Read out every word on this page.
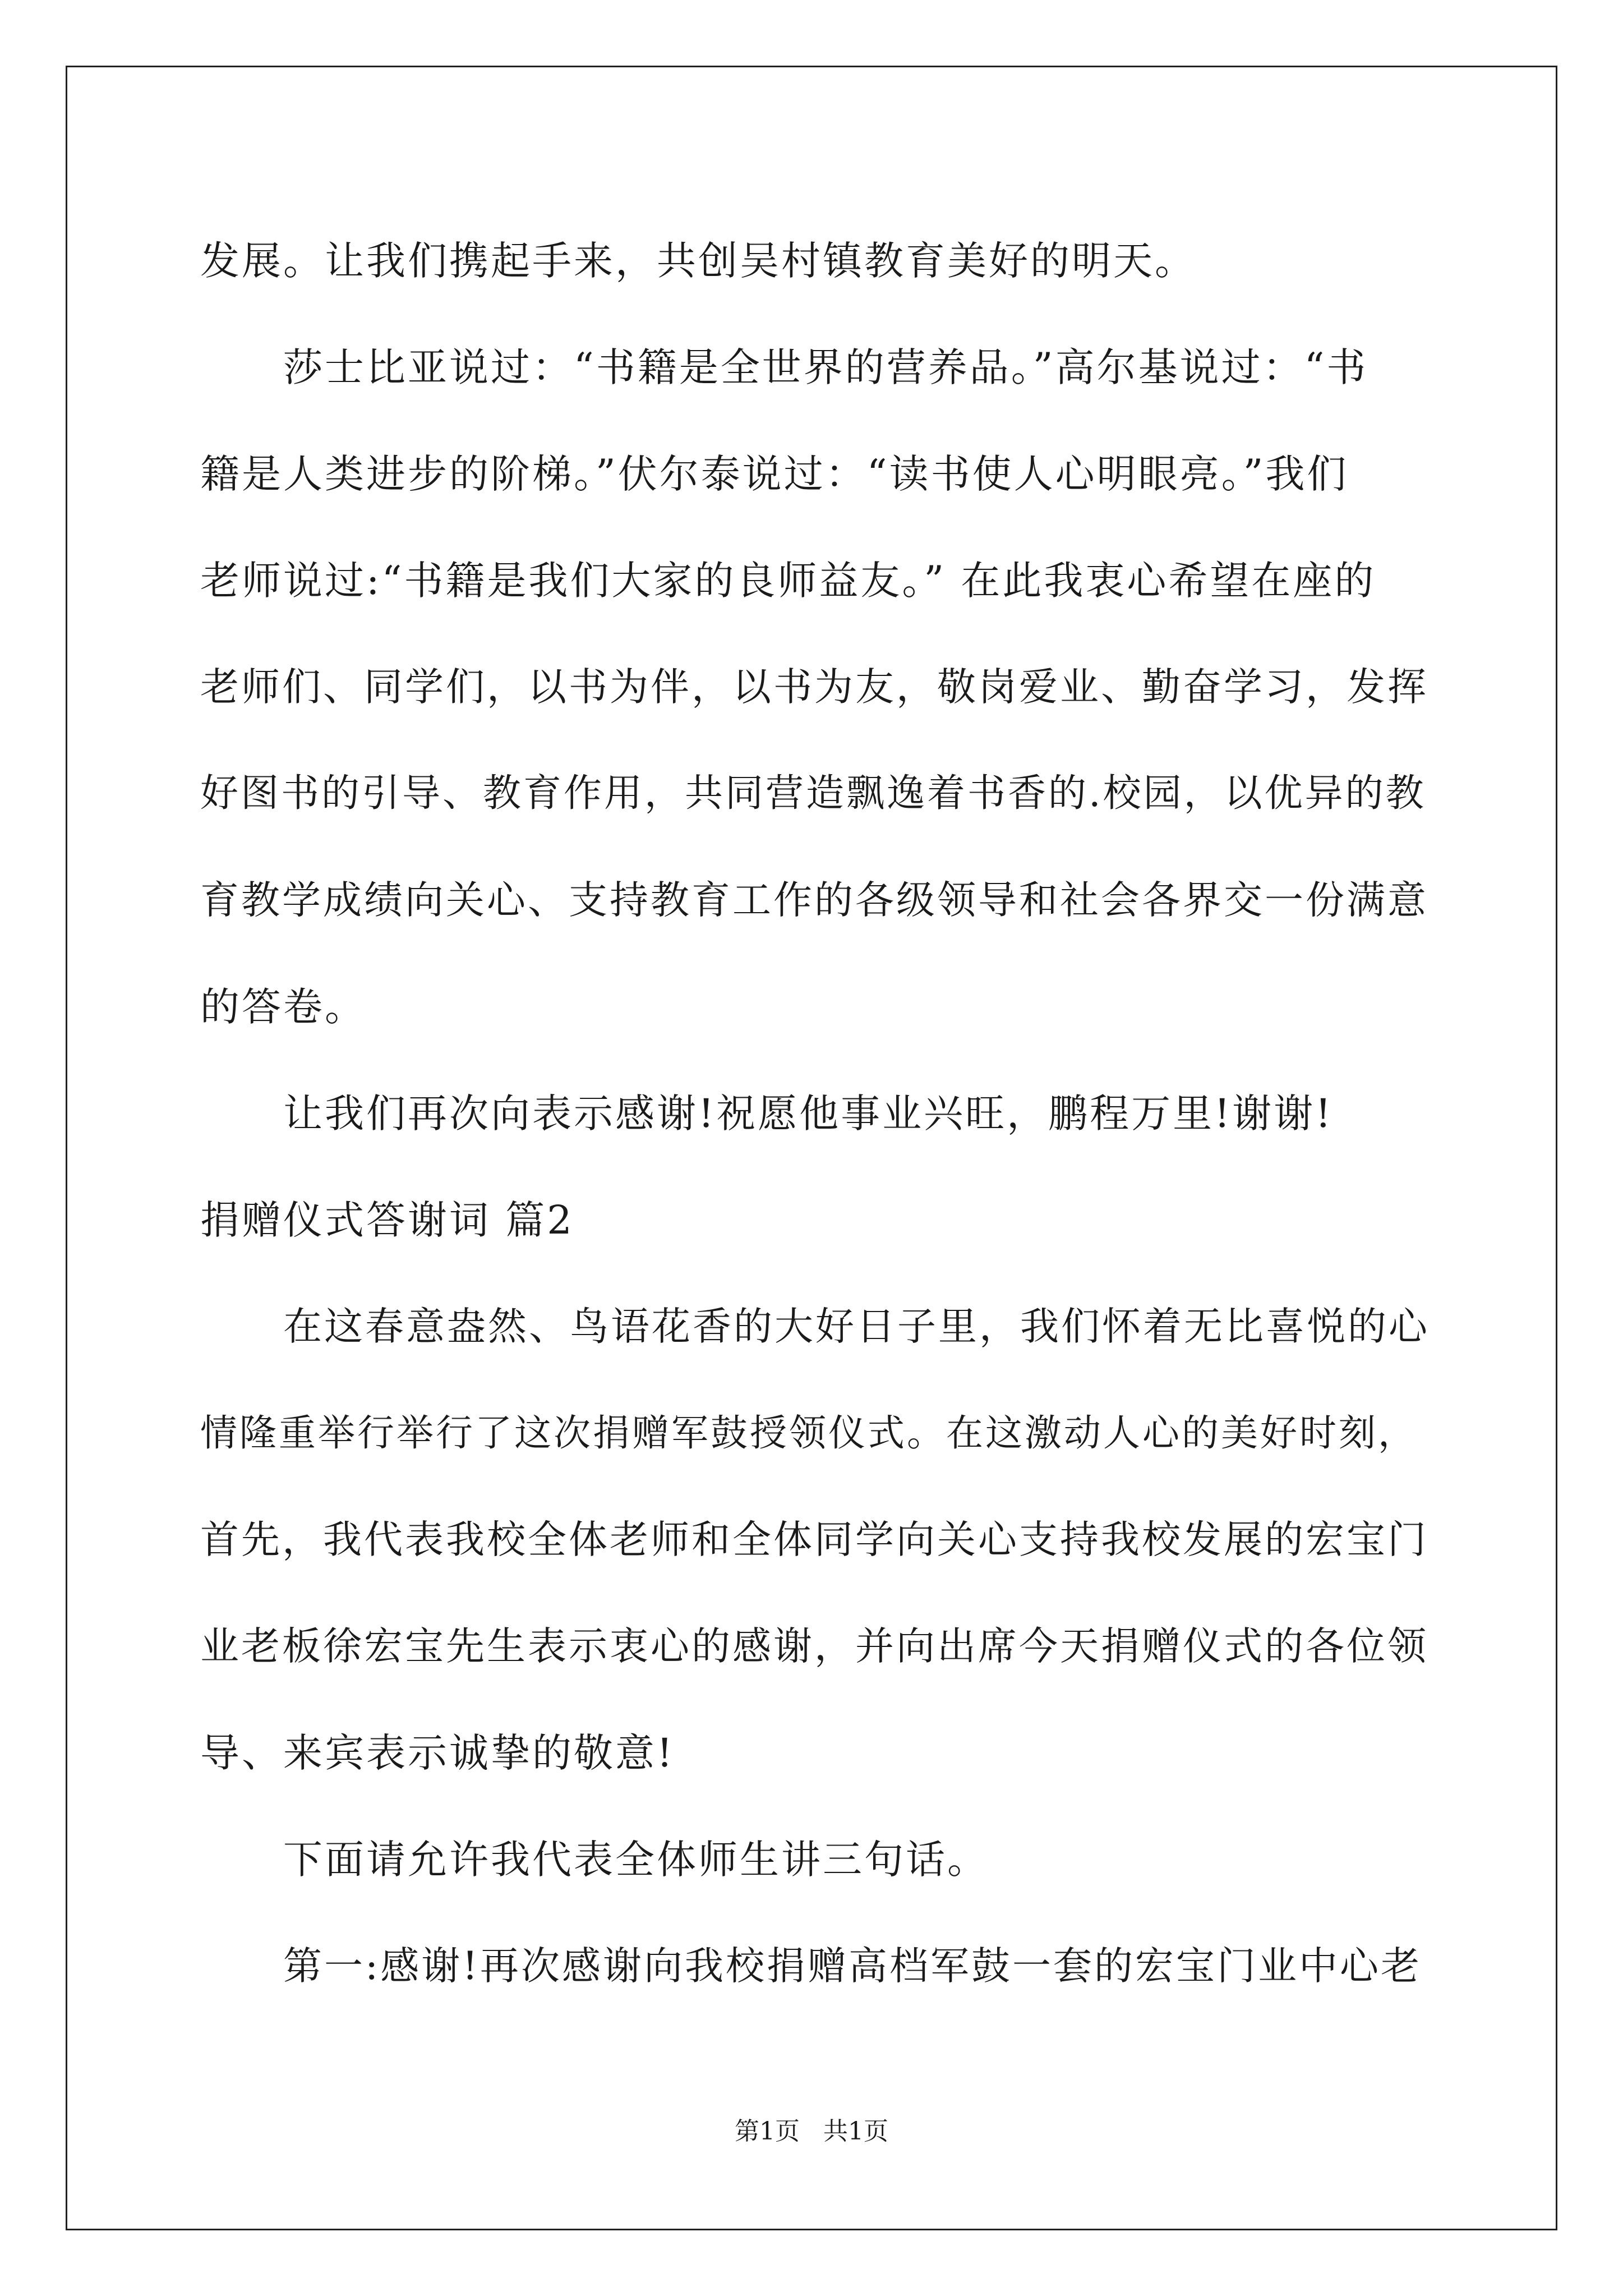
发展。让我们携起手来，共创吴村镇教育美好的明天。
莎士比亚说过：“书籍是全世界的营养品。”高尔基说过：“书
籍是人类进步的阶梯。”伏尔泰说过：“读书使人心明眼亮。”我们
老师说过:“书籍是我们大家的良师益友。” 在此我衷心希望在座的
老师们、同学们，以书为伴，以书为友，敬岗爱业、勤奋学习，发挥
好图书的引导、教育作用，共同营造飘逸着书香的.校园，以优异的教
育教学成绩向关心、支持教育工作的各级领导和社会各界交一份满意
的答卷。
让我们再次向表示感谢!祝愿他事业兴旺，鹏程万里!谢谢!
捐赠仪式答谢词 篇2
在这春意盎然、鸟语花香的大好日子里，我们怀着无比喜悦的心
情隆重举行举行了这次捐赠军鼓授领仪式。在这激动人心的美好时刻，
首先，我代表我校全体老师和全体同学向关心支持我校发展的宏宝门
业老板徐宏宝先生表示衷心的感谢，并向出席今天捐赠仪式的各位领
导、来宾表示诚挚的敬意!
下面请允许我代表全体师生讲三句话。
第一:感谢!再次感谢向我校捐赠高档军鼓一套的宏宝门业中心老
第1页 共1页
